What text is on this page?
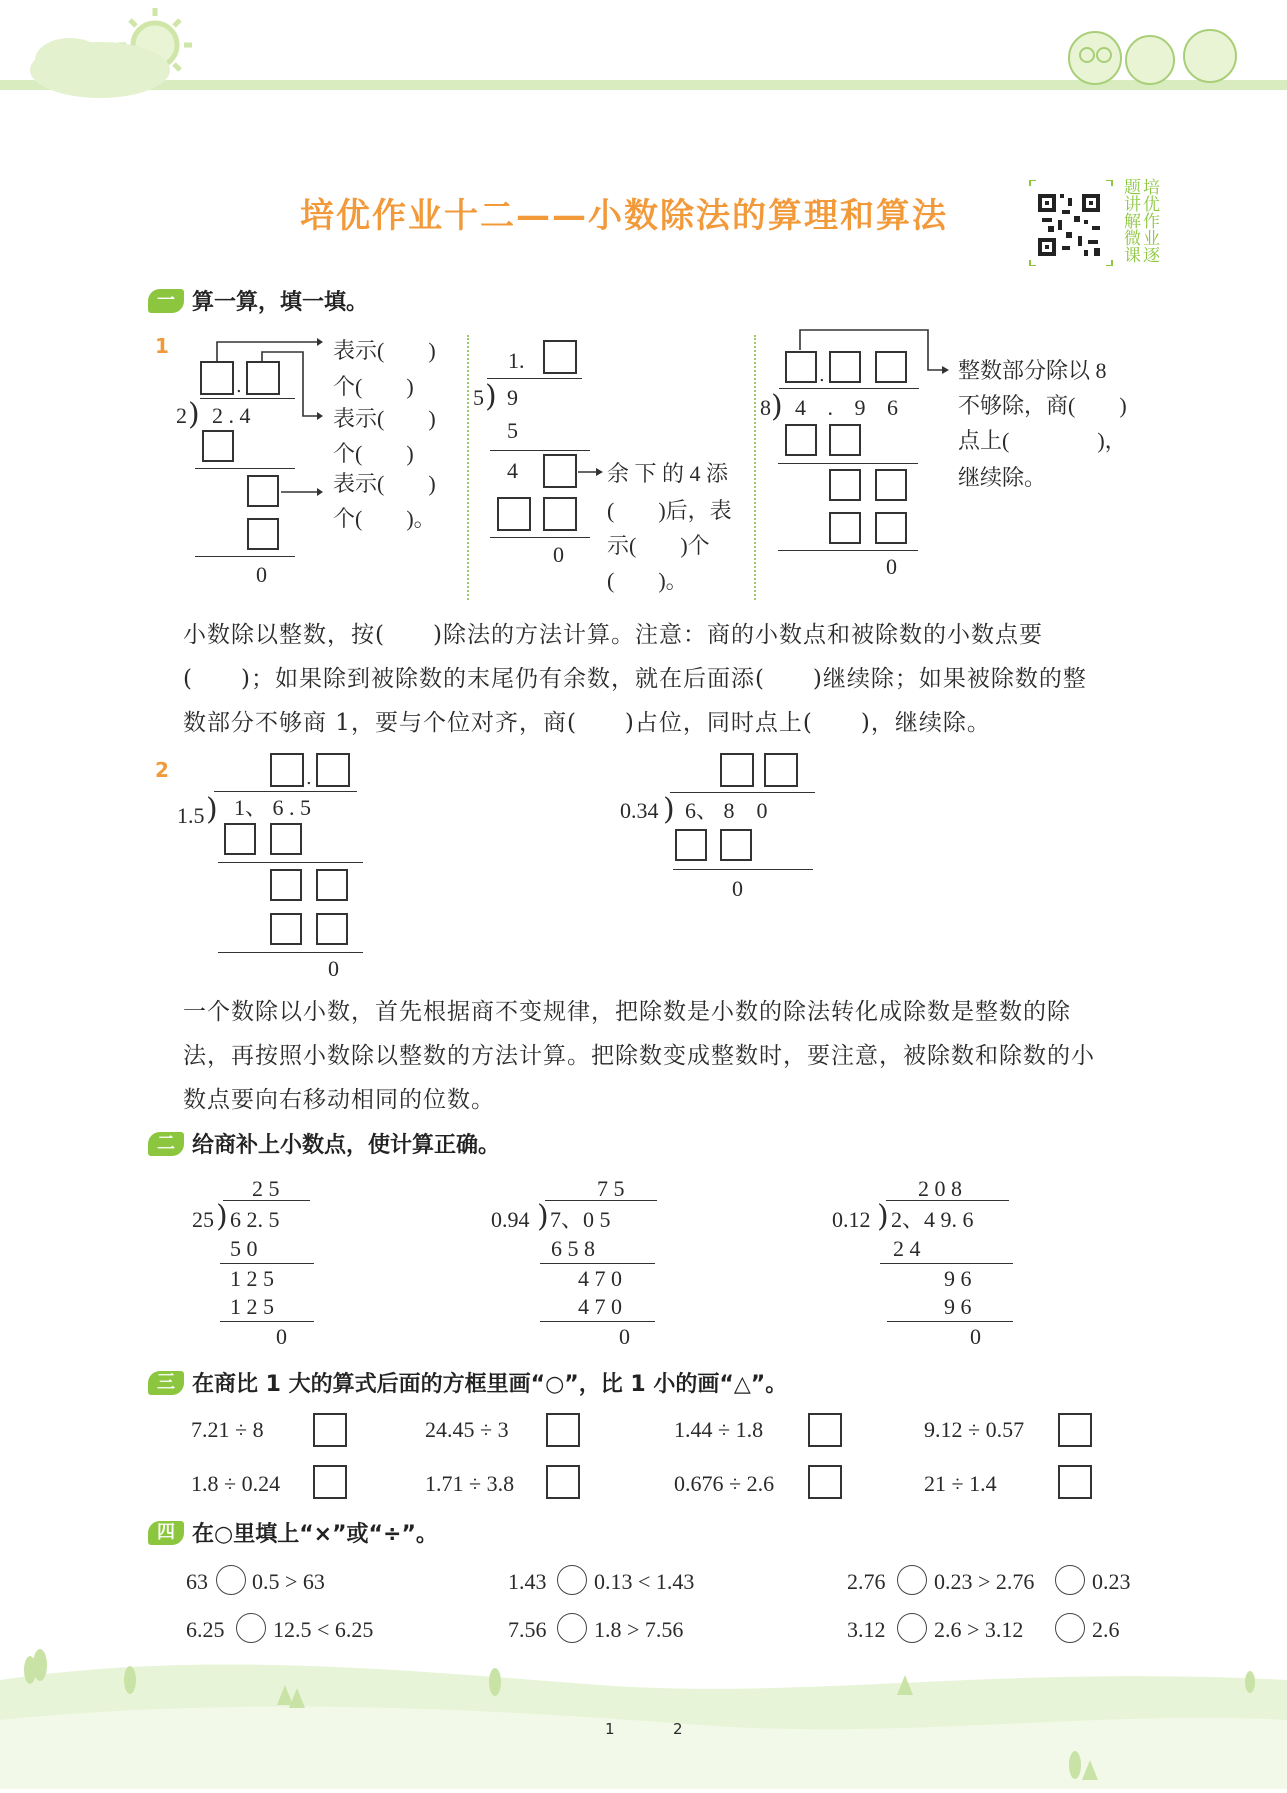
培优作业十二——小数除法的算理和算法	培优作业逐题讲解微课
一 算一算，填一填。
1
.
2 ) 2 . 4
0
表示(　　)
个(　　)
表示(　　)
个(　　)
表示(　　)
个(　　)。
1.
5 ) 9
5
4
0
余 下 的 4 添
(　　)后，表
示(　　)个
(　　)。
.
8 ) 4 . 9 6
0
整数部分除以 8
不够除，商(　　)
点上(　　　　)，
继续除。
小数除以整数，按(　　)除法的方法计算。注意：商的小数点和被除数的小数点要
(　　)；如果除到被除数的末尾仍有余数，就在后面添(　　)继续除；如果被除数的整
数部分不够商 1，要与个位对齐，商(　　)占位，同时点上(　　)，继续除。
2	.
1.5 ) 1、 6 . 5
0
0.34 ) 6、 8　0
0
一个数除以小数，首先根据商不变规律，把除数是小数的除法转化成除数是整数的除
法，再按照小数除以整数的方法计算。把除数变成整数时，要注意，被除数和除数的小
数点要向右移动相同的位数。
二 给商补上小数点，使计算正确。
2 5
25 ) 6 2. 5
5 0
1 2 5
1 2 5
0
7 5
0.94 ) 7、0 5
6 5 8
4 7 0
4 7 0
0
2 0 8
0.12 ) 2、4 9. 6
2 4
9 6
9 6
0
三 在商比 1 大的算式后面的方框里画“○”，比 1 小的画“△”。
7.21 ÷ 8	24.45 ÷ 3	1.44 ÷ 1.8	9.12 ÷ 0.57
1.8 ÷ 0.24	1.71 ÷ 3.8	0.676 ÷ 2.6	21 ÷ 1.4
四 在○里填上“×”或“÷”。
63 0.5 > 63	1.43 0.13 < 1.43	2.76 0.23 > 2.76	0.23
6.25 12.5 < 6.25	7.56 1.8 > 7.56	3.12 2.6 > 3.12	2.6
1	2
